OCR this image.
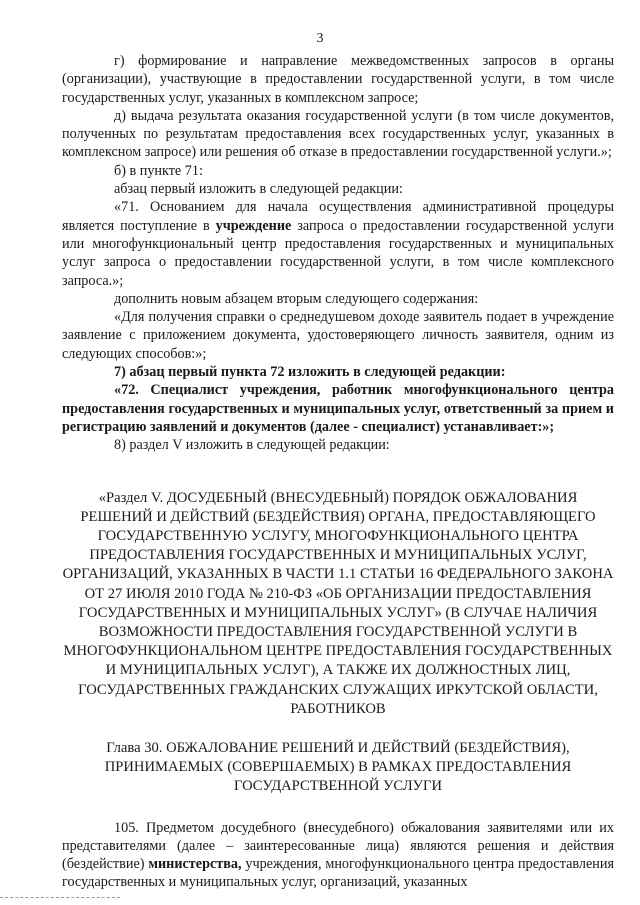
3

г) формирование и направление межведомственных запросов в органы (организации), участвующие в предоставлении государственной услуги, в том числе государственных услуг, указанных в комплексном запросе;

д) выдача результата оказания государственной услуги (в том числе документов, полученных по результатам предоставления всех государственных услуг, указанных в комплексном запросе) или решения об отказе в предоставлении государственной услуги.»;

б) в пункте 71:

абзац первый изложить в следующей редакции:

«71. Основанием для начала осуществления административной процедуры является поступление в учреждение запроса о предоставлении государственной услуги или многофункциональный центр предоставления государственных и муниципальных услуг запроса о предоставлении государственной услуги, в том числе комплексного запроса.»;

дополнить новым абзацем вторым следующего содержания:

«Для получения справки о среднедушевом доходе заявитель подает в учреждение заявление с приложением документа, удостоверяющего личность заявителя, одним из следующих способов:»;

7) абзац первый пункта 72 изложить в следующей редакции:

«72. Специалист учреждения, работник многофункционального центра предоставления государственных и муниципальных услуг, ответственный за прием и регистрацию заявлений и документов (далее - специалист) устанавливает:»;

8) раздел V изложить в следующей редакции:

«Раздел V. ДОСУДЕБНЫЙ (ВНЕСУДЕБНЫЙ) ПОРЯДОК ОБЖАЛОВАНИЯ РЕШЕНИЙ И ДЕЙСТВИЙ (БЕЗДЕЙСТВИЯ) ОРГАНА, ПРЕДОСТАВЛЯЮЩЕГО ГОСУДАРСТВЕННУЮ УСЛУГУ, МНОГОФУНКЦИОНАЛЬНОГО ЦЕНТРА ПРЕДОСТАВЛЕНИЯ ГОСУДАРСТВЕННЫХ И МУНИЦИПАЛЬНЫХ УСЛУГ, ОРГАНИЗАЦИЙ, УКАЗАННЫХ В ЧАСТИ 1.1 СТАТЬИ 16 ФЕДЕРАЛЬНОГО ЗАКОНА ОТ 27 ИЮЛЯ 2010 ГОДА № 210-ФЗ «ОБ ОРГАНИЗАЦИИ ПРЕДОСТАВЛЕНИЯ ГОСУДАРСТВЕННЫХ И МУНИЦИПАЛЬНЫХ УСЛУГ» (В СЛУЧАЕ НАЛИЧИЯ ВОЗМОЖНОСТИ ПРЕДОСТАВЛЕНИЯ ГОСУДАРСТВЕННОЙ УСЛУГИ В МНОГОФУНКЦИОНАЛЬНОМ ЦЕНТРЕ ПРЕДОСТАВЛЕНИЯ ГОСУДАРСТВЕННЫХ И МУНИЦИПАЛЬНЫХ УСЛУГ), А ТАКЖЕ ИХ ДОЛЖНОСТНЫХ ЛИЦ, ГОСУДАРСТВЕННЫХ ГРАЖДАНСКИХ СЛУЖАЩИХ ИРКУТСКОЙ ОБЛАСТИ, РАБОТНИКОВ

Глава 30. ОБЖАЛОВАНИЕ РЕШЕНИЙ И ДЕЙСТВИЙ (БЕЗДЕЙСТВИЯ), ПРИНИМАЕМЫХ (СОВЕРШАЕМЫХ) В РАМКАХ ПРЕДОСТАВЛЕНИЯ ГОСУДАРСТВЕННОЙ УСЛУГИ

105. Предметом досудебного (внесудебного) обжалования заявителями или их представителями (далее – заинтересованные лица) являются решения и действия (бездействие) министерства, учреждения, многофункционального центра предоставления государственных и муниципальных услуг, организаций, указанных
